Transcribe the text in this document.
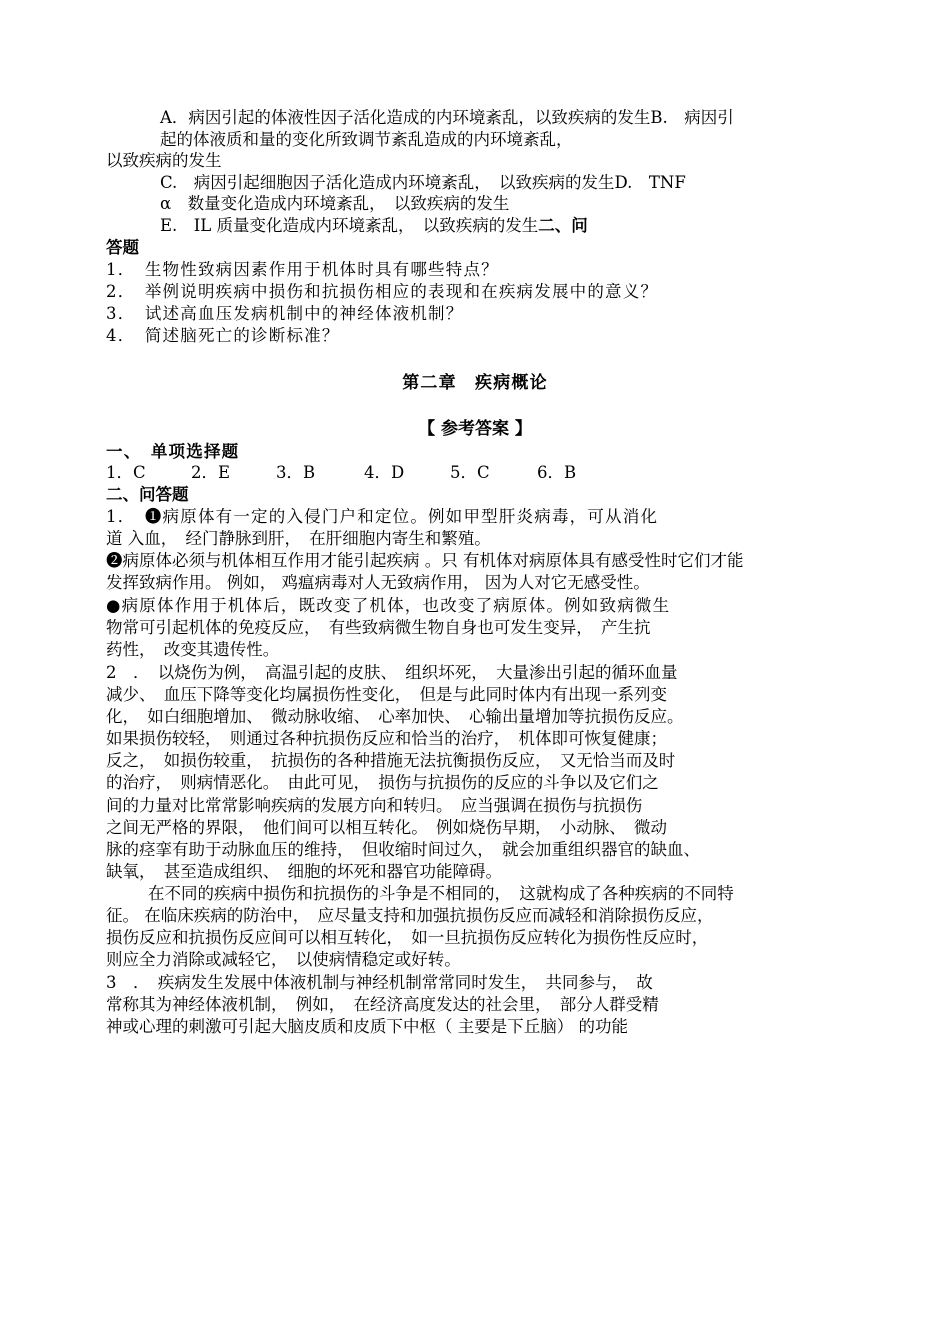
A．病因引起的体液性因子活化造成的内环境紊乱，以致疾病的发生B.　病因引

起的体液质和量的变化所致调节紊乱造成的内环境紊乱，

以致疾病的发生

C.　病因引起细胞因子活化造成内环境紊乱，　以致疾病的发生D.　TNF

α　数量变化造成内环境紊乱，　以致疾病的发生

E.　IL 质量变化造成内环境紊乱，　以致疾病的发生二、问

答题

1．　生物性致病因素作用于机体时具有哪些特点？

2．　举例说明疾病中损伤和抗损伤相应的表现和在疾病发展中的意义？

3．　试述高血压发病机制中的神经体液机制？

4．　简述脑死亡的诊断标准？

第二章　疾病概论
【 参考答案 】

一、　单项选择题

1．C	2．E	3．B	4．D	5．C	6．B

二、问答题

1．　❶病原体有一定的入侵门户和定位。例如甲型肝炎病毒，可从消化

道 入血，　经门静脉到肝，　在肝细胞内寄生和繁殖。

❷病原体必须与机体相互作用才能引起疾病 。只 有机体对病原体具有感受性时它们才能

发挥致病作用。 例如， 鸡瘟病毒对人无致病作用， 因为人对它无感受性。

●病原体作用于机体后，既改变了机体，也改变了病原体。例如致病微生

物常可引起机体的免疫反应，　有些致病微生物自身也可发生变异，　产生抗

药性，　改变其遗传性。

2　．　以烧伤为例，　高温引起的皮肤、　组织坏死，　大量渗出引起的循环血量

减少、　血压下降等变化均属损伤性变化，　但是与此同时体内有出现一系列变

化，　如白细胞增加、　微动脉收缩、　心率加快、　心输出量增加等抗损伤反应。

如果损伤较轻，　则通过各种抗损伤反应和恰当的治疗，　机体即可恢复健康；

反之，　如损伤较重，　抗损伤的各种措施无法抗衡损伤反应，　又无恰当而及时

的治疗，　则病情恶化。　由此可见，　损伤与抗损伤的反应的斗争以及它们之

间的力量对比常常影响疾病的发展方向和转归。　应当强调在损伤与抗损伤

之间无严格的界限，　他们间可以相互转化。　例如烧伤早期，　小动脉、　微动

脉的痉挛有助于动脉血压的维持，　但收缩时间过久，　就会加重组织器官的缺血、

缺氧，　甚至造成组织、　细胞的坏死和器官功能障碍。

在不同的疾病中损伤和抗损伤的斗争是不相同的，　这就构成了各种疾病的不同特

征。 在临床疾病的防治中，　应尽量支持和加强抗损伤反应而减轻和消除损伤反应，

损伤反应和抗损伤反应间可以相互转化，　如一旦抗损伤反应转化为损伤性反应时，

则应全力消除或减轻它，　以使病情稳定或好转。

3　．　疾病发生发展中体液机制与神经机制常常同时发生，　共同参与，　故

常称其为神经体液机制，　例如，　在经济高度发达的社会里，　部分人群受精

神或心理的刺激可引起大脑皮质和皮质下中枢（ 主要是下丘脑） 的功能
